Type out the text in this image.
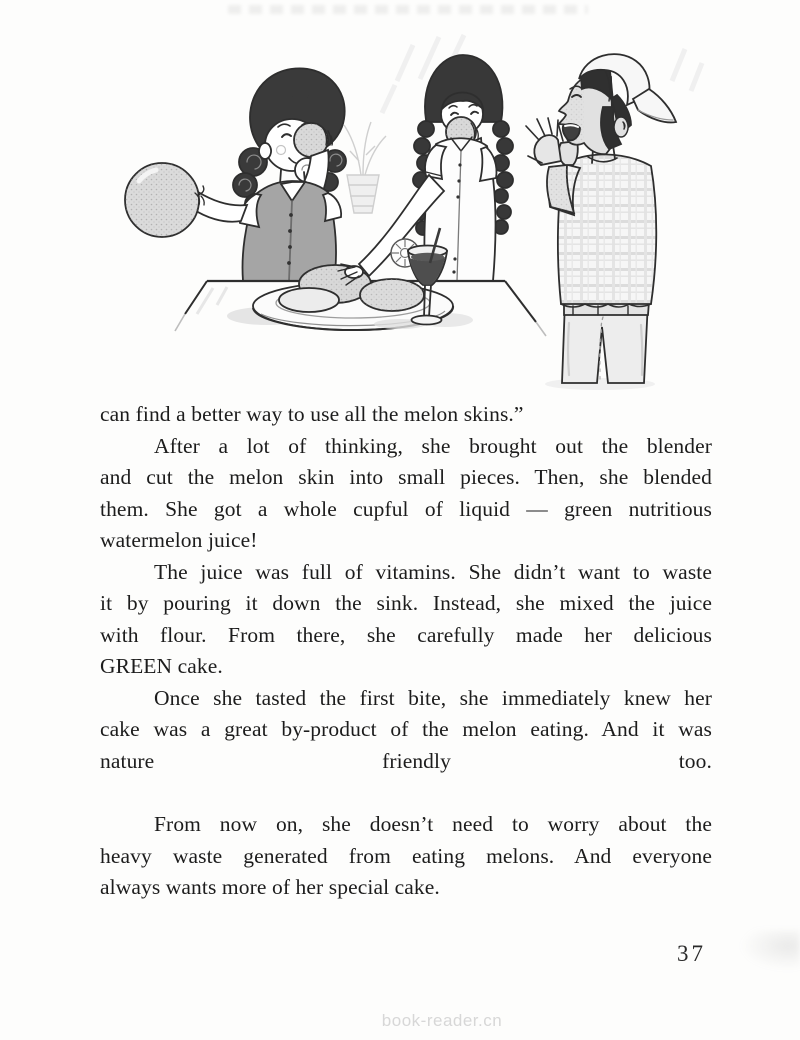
can find a better way to use all the melon skins.”
After a lot of thinking, she brought out the blender
and cut the melon skin into small pieces. Then, she blended
them. She got a whole cupful of liquid — green nutritious
watermelon juice!
The juice was full of vitamins. She didn’t want to waste
it by pouring it down the sink. Instead, she mixed the juice
with flour. From there, she carefully made her delicious
GREEN cake.
Once she tasted the first bite, she immediately knew her
cake was a great by-product of the melon eating. And it was
nature friendly too.
From now on, she doesn’t need to worry about the
heavy waste generated from eating melons. And everyone
always wants more of her special cake.
37
book-reader.cn
